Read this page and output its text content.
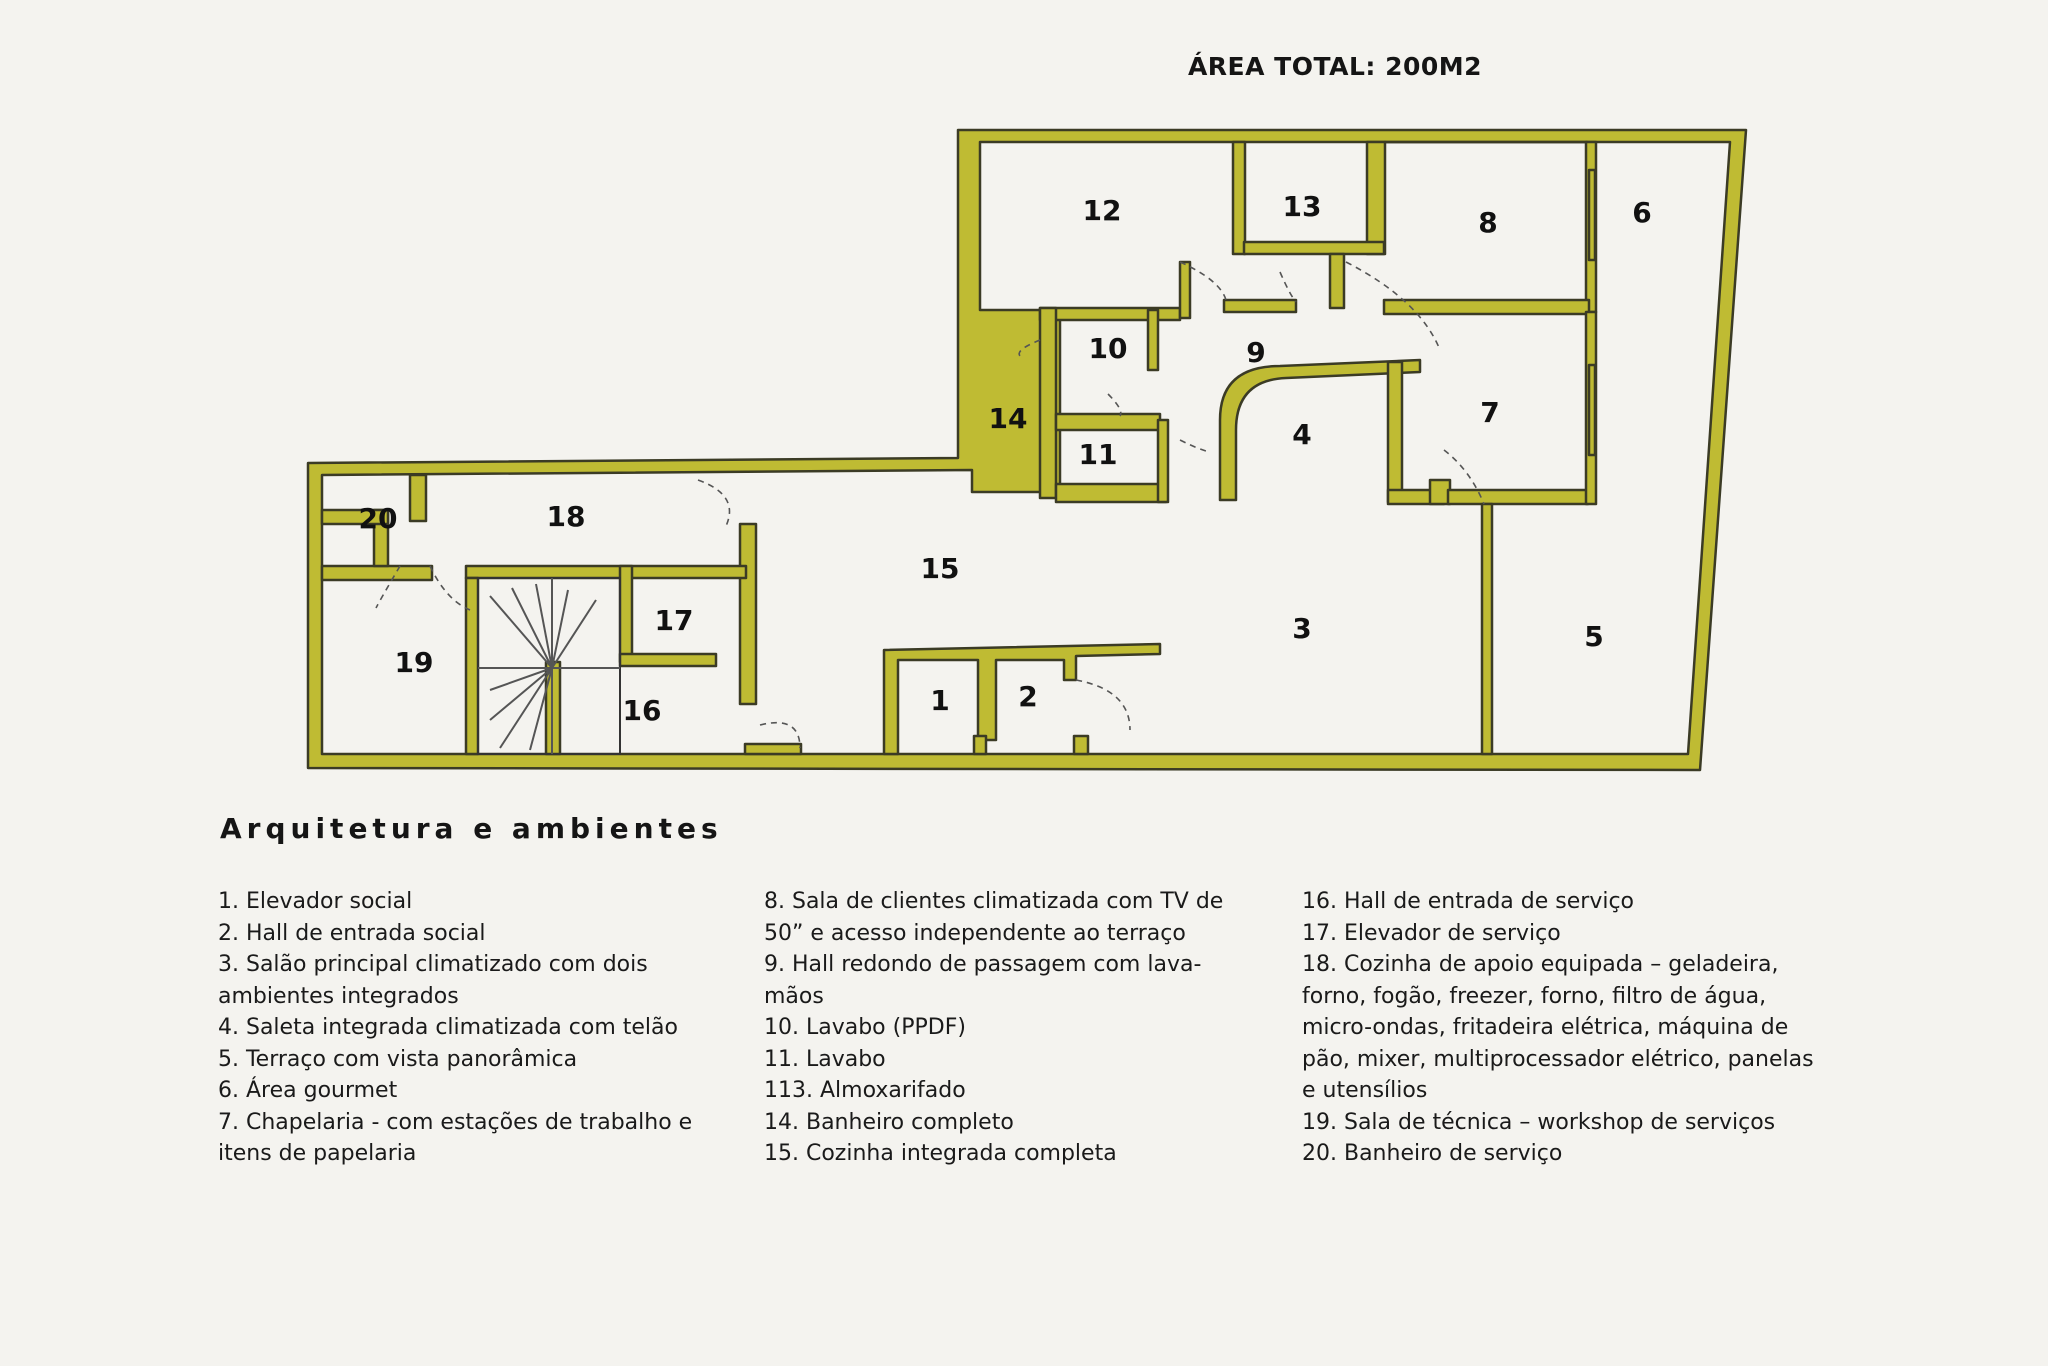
ÁREA TOTAL: 200M2
1 2
3
4
5
6
7
8
9
10
11
12	13
14
15
16
17
18
19
20
Arquitetura e ambientes

1. Elevador social

2. Hall de entrada social

3. Salão principal climatizado com dois

ambientes integrados

4. Saleta integrada climatizada com telão

5. Terraço com vista panorâmica

6. Área gourmet

7. Chapelaria - com estações de trabalho e

itens de papelaria

8. Sala de clientes climatizada com TV de

50” e acesso independente ao terraço

9. Hall redondo de passagem com lava-

mãos

10. Lavabo (PPDF)

11. Lavabo

113. Almoxarifado

14. Banheiro completo

15. Cozinha integrada completa

16. Hall de entrada de serviço

17. Elevador de serviço

18. Cozinha de apoio equipada – geladeira,

forno, fogão, freezer, forno, filtro de água,

micro-ondas, fritadeira elétrica, máquina de

pão, mixer, multiprocessador elétrico, panelas

e utensílios

19. Sala de técnica – workshop de serviços

20. Banheiro de serviço
